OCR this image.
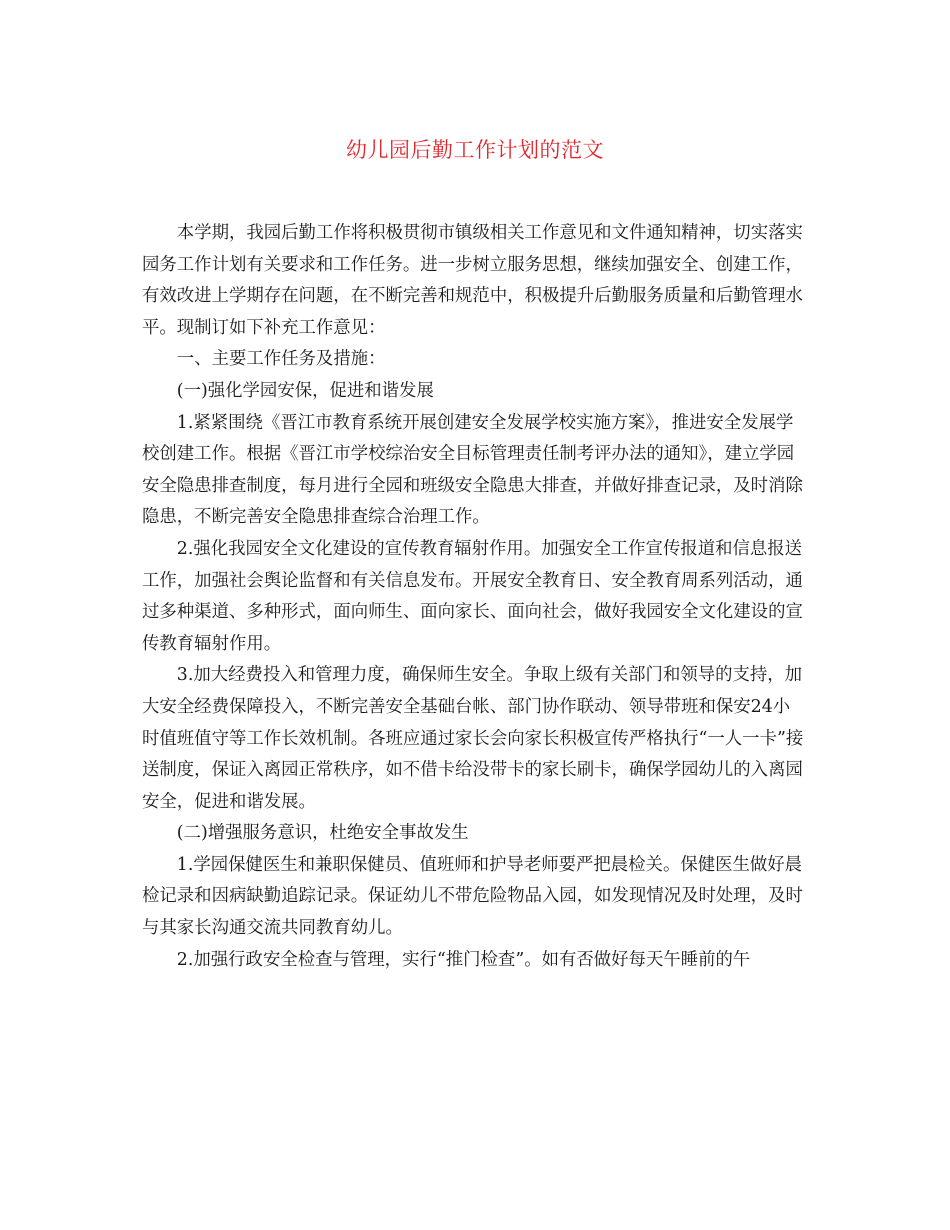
幼儿园后勤工作计划的范文

本学期，我园后勤工作将积极贯彻市镇级相关工作意见和文件通知精神，切实落实园务工作计划有关要求和工作任务。进一步树立服务思想，继续加强安全、创建工作，有效改进上学期存在问题，在不断完善和规范中，积极提升后勤服务质量和后勤管理水平。现制订如下补充工作意见：

一、主要工作任务及措施：

(一)强化学园安保，促进和谐发展

1.紧紧围绕《晋江市教育系统开展创建安全发展学校实施方案》，推进安全发展学校创建工作。根据《晋江市学校综治安全目标管理责任制考评办法的通知》，建立学园安全隐患排查制度，每月进行全园和班级安全隐患大排查，并做好排查记录，及时消除隐患，不断完善安全隐患排查综合治理工作。

2.强化我园安全文化建设的宣传教育辐射作用。加强安全工作宣传报道和信息报送工作，加强社会舆论监督和有关信息发布。开展安全教育日、安全教育周系列活动，通过多种渠道、多种形式，面向师生、面向家长、面向社会，做好我园安全文化建设的宣传教育辐射作用。

3.加大经费投入和管理力度，确保师生安全。争取上级有关部门和领导的支持，加大安全经费保障投入，不断完善安全基础台帐、部门协作联动、领导带班和保安24小时值班值守等工作长效机制。各班应通过家长会向家长积极宣传严格执行“一人一卡”接送制度，保证入离园正常秩序，如不借卡给没带卡的家长刷卡，确保学园幼儿的入离园安全，促进和谐发展。

(二)增强服务意识，杜绝安全事故发生

1.学园保健医生和兼职保健员、值班师和护导老师要严把晨检关。保健医生做好晨检记录和因病缺勤追踪记录。保证幼儿不带危险物品入园，如发现情况及时处理，及时与其家长沟通交流共同教育幼儿。

2.加强行政安全检查与管理，实行“推门检查”。如有否做好每天午睡前的午
